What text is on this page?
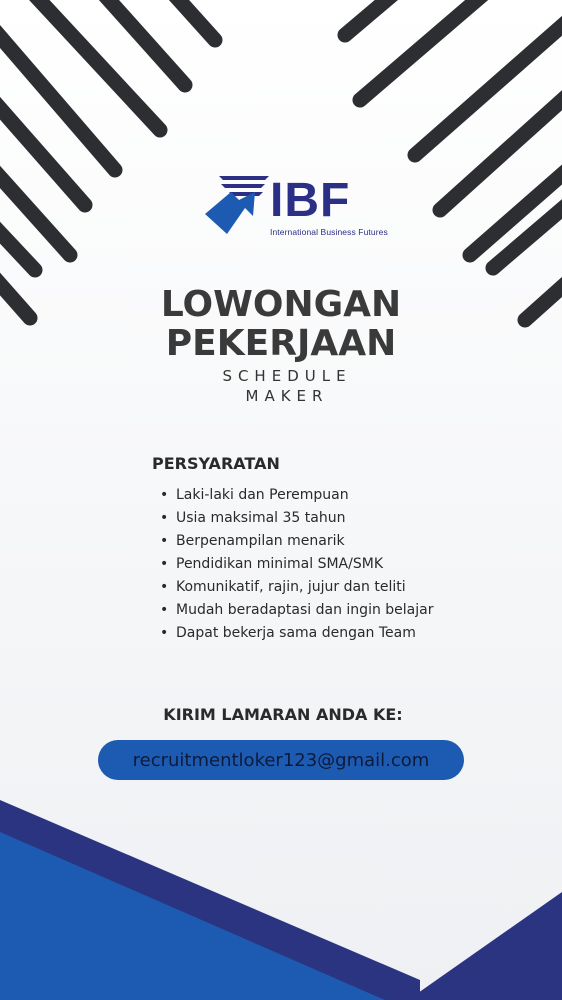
IBF
International Business Futures
LOWONGAN
PEKERJAAN
SCHEDULE
MAKER
PERSYARATAN
• Laki-laki dan Perempuan
• Usia maksimal 35 tahun
• Berpenampilan menarik
• Pendidikan minimal SMA/SMK
• Komunikatif, rajin, jujur dan teliti
• Mudah beradaptasi dan ingin belajar
• Dapat bekerja sama dengan Team
KIRIM LAMARAN ANDA KE:
recruitmentloker123@gmail.com
